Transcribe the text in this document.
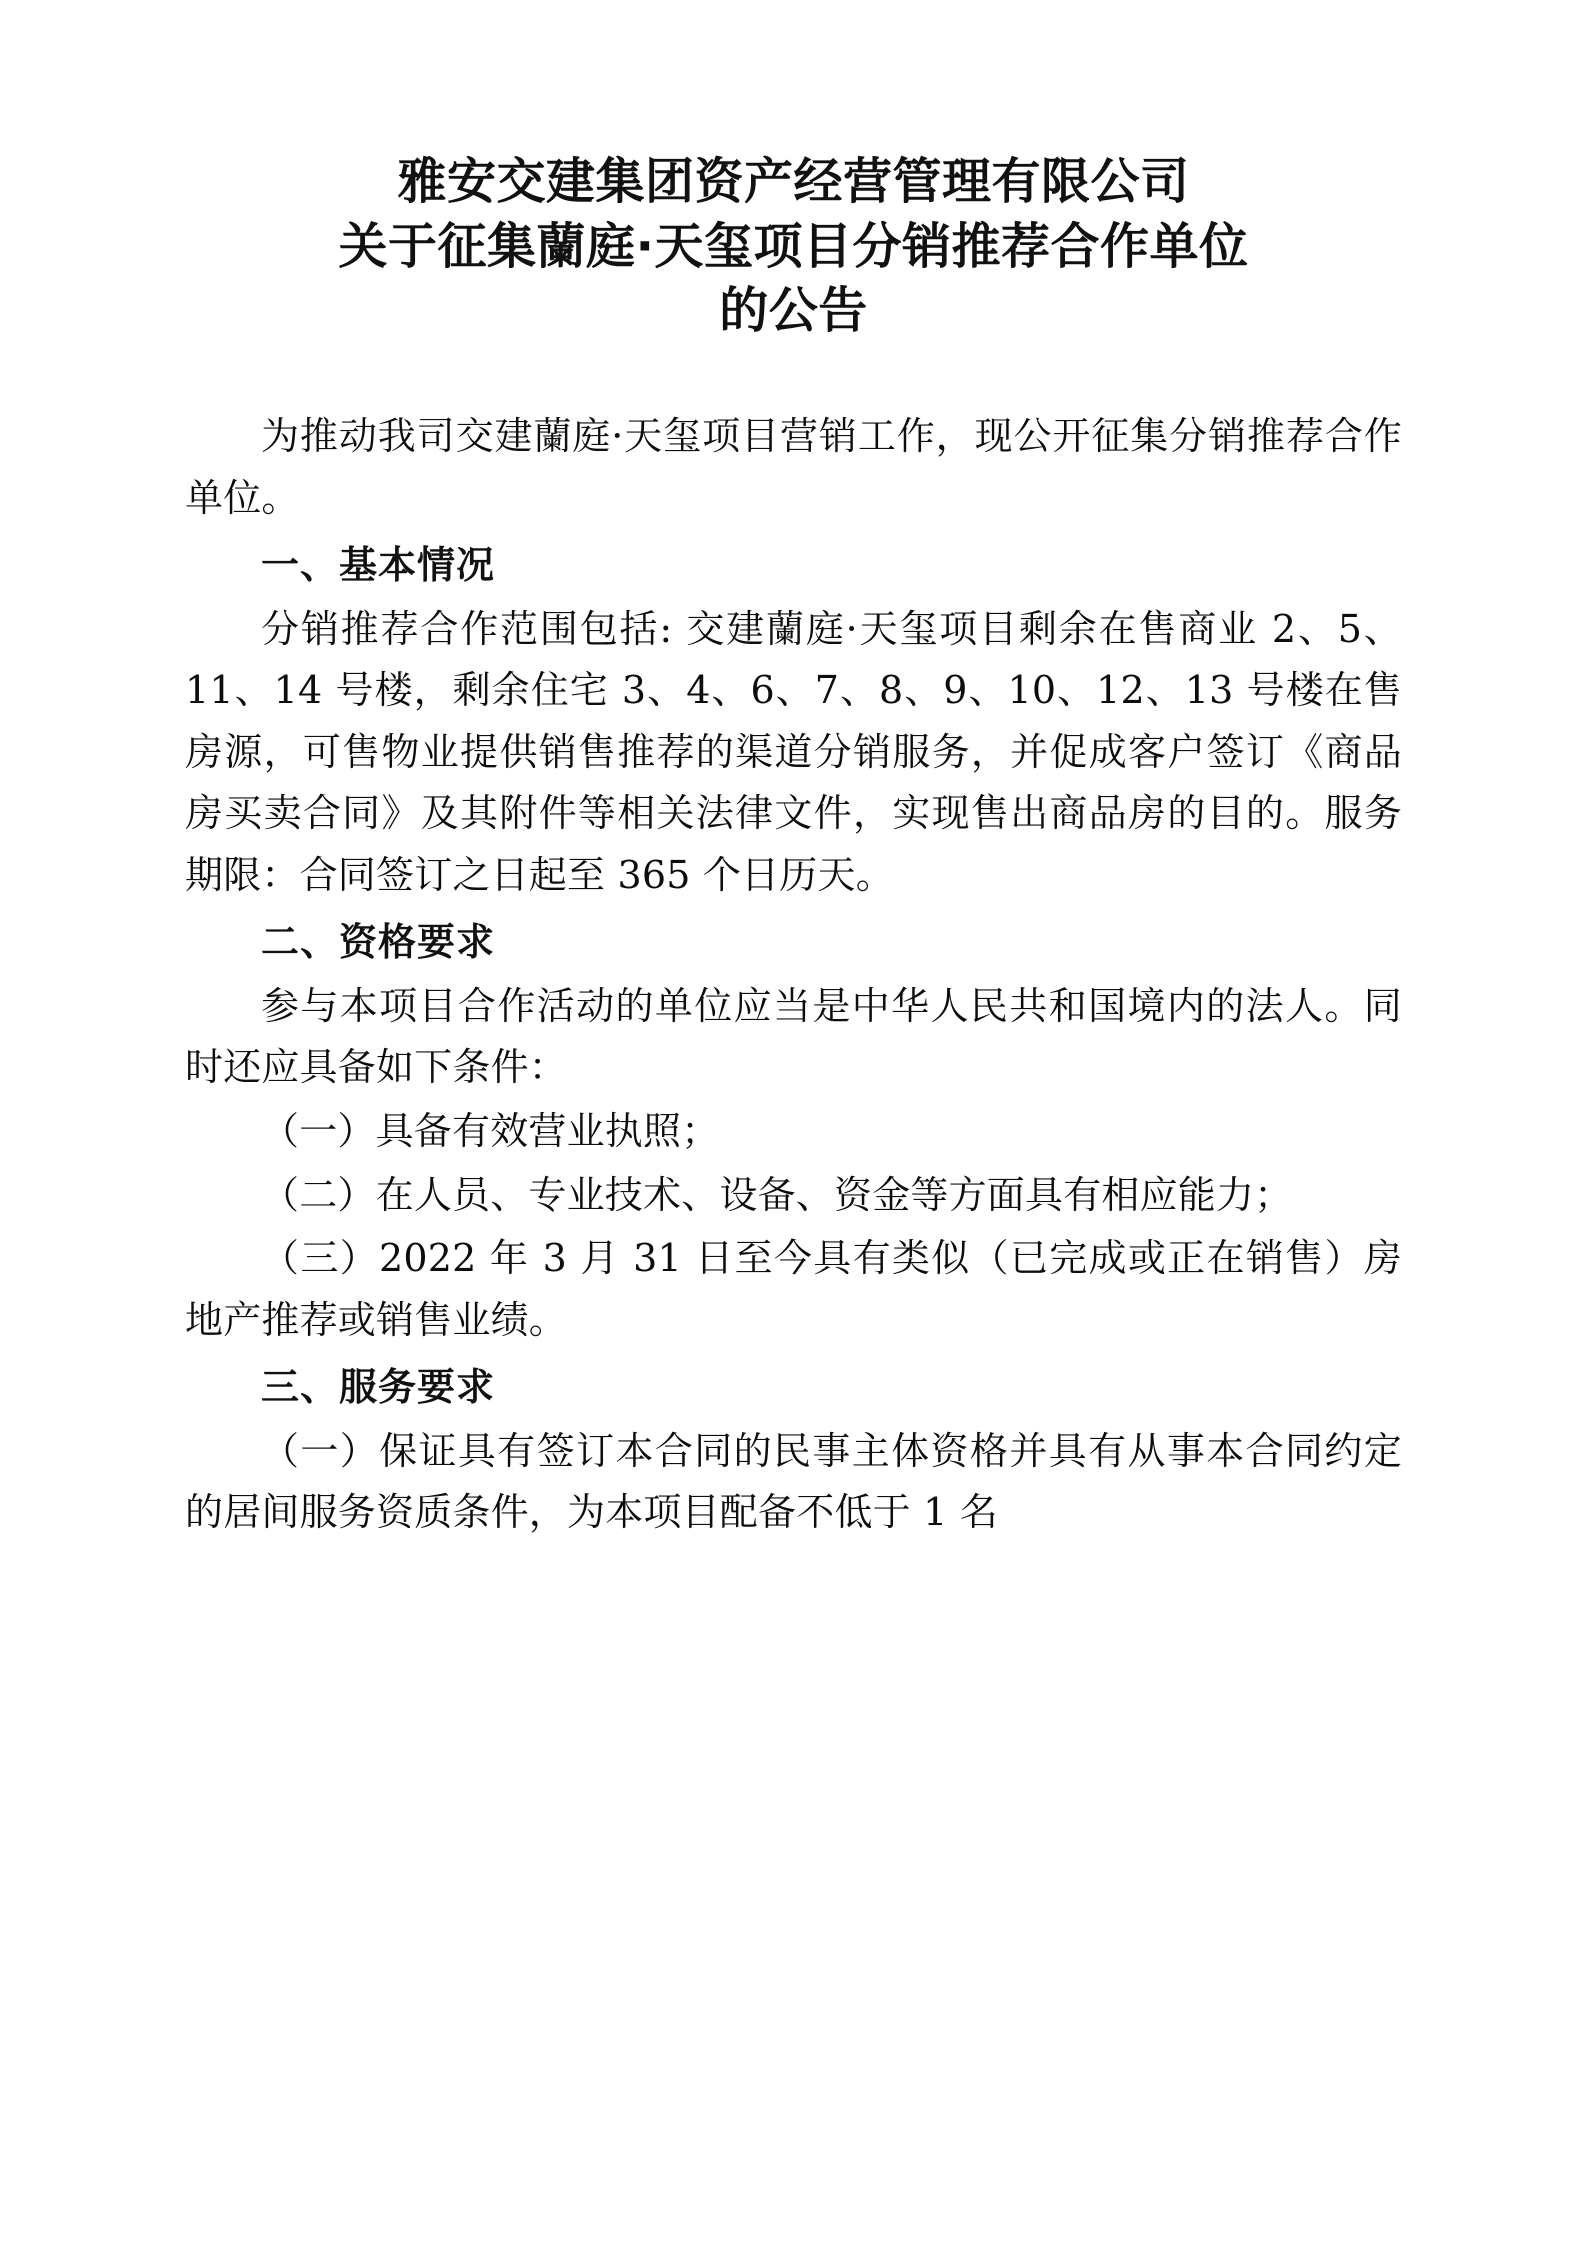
雅安交建集团资产经营管理有限公司
关于征集蘭庭·天玺项目分销推荐合作单位
的公告

为推动我司交建蘭庭·天玺项目营销工作，现公开征集分销推荐合作单位。

一、基本情况

分销推荐合作范围包括: 交建蘭庭·天玺项目剩余在售商业 2、5、11、14 号楼，剩余住宅 3、4、6、7、8、9、10、12、13 号楼在售房源，可售物业提供销售推荐的渠道分销服务，并促成客户签订《商品房买卖合同》及其附件等相关法律文件，实现售出商品房的目的。服务期限：合同签订之日起至 365 个日历天。

二、资格要求

参与本项目合作活动的单位应当是中华人民共和国境内的法人。同时还应具备如下条件：

（一）具备有效营业执照；

（二）在人员、专业技术、设备、资金等方面具有相应能力；

（三）2022 年 3 月 31 日至今具有类似（已完成或正在销售）房地产推荐或销售业绩。

三、服务要求

（一）保证具有签订本合同的民事主体资格并具有从事本合同约定的居间服务资质条件，为本项目配备不低于 1 名
